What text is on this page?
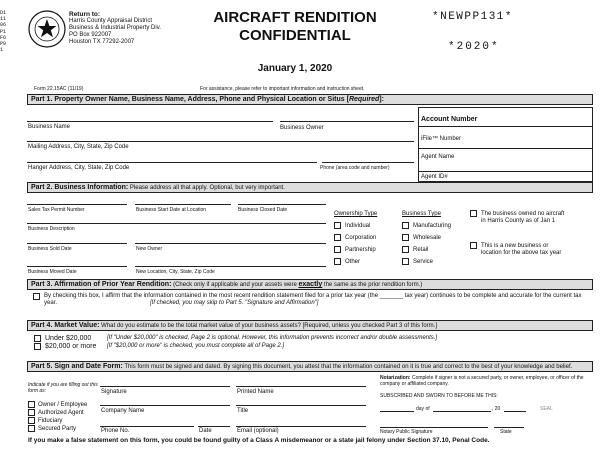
D11106P1F6P91
Return to:
Harris County Appraisal District
Business & Industrial Property Div.
PO Box 922007
Houston TX 77292-2007
AIRCRAFT RENDITION
CONFIDENTIAL
*NEWPP131*
*2020*
January 1, 2020
Form 22.15AC (11/19)	For assistance, please refer to important information and instruction sheet.
Part 1. Property Owner Name, Business Name, Address, Phone and Physical Location or Situs [Required]:
Business Name	Business Owner
Mailing Address, City, State, Zip Code
Hanger Address, City, State, Zip Code	Phone (area code and number)
Account Number
iFile™ Number
Agent Name
Agent ID#
Part 2. Business Information: Please address all that apply. Optional, but very important.
Sales Tax Permit Number	Business Start Date at Location	Business Closed Date
Business Description
Business Sold Date	New Owner
Business Moved Date	New Location, City, State, Zip Code
Ownership Type
Individual
Corporation
Partnership
Other
Business Type
Manufacturing
Wholesale
Retail
Service
The business owned no aircraft in Harris County as of Jan 1
This is a new business or location for the above tax year
Part 3. Affirmation of Prior Year Rendition: (Check only if applicable and your assets were exactly the same as the prior rendition form.)
By checking this box, I affirm that the information contained in the most recent rendition statement filed for a prior tax year (the _______ tax year) continues to be complete and accurate for the current tax year.	[If checked, you may skip to Part 5. "Signature and Affirmation"]
Part 4. Market Value: What do you estimate to be the total market value of your business assets? [Required, unless you checked Part 3 of this form.]
Under $20,000
$20,000 or more
[If "Under $20,000" is checked, Page 2 is optional. However, this information prevents incorrect and/or double assessments.]
[If "$20,000 or more" is checked, you must complete all of Page 2.]
Part 5. Sign and Date Form: This form must be signed and dated. By signing this document, you attest that the information contained on it is true and correct to the best of your knowledge and belief.
Indicate if you are filling out this form as:
Owner / Employee
Authorized Agent
Fiduciary
Secured Party
Signature	Printed Name
Company Name	Title
Phone No.	Date	Email (optional)
Notarization: Complete if signer is not a secured party, or owner, employee, or officer of the company or affiliated company.
SUBSCRIBED AND SWORN TO BEFORE ME THIS:
day of	, 20	SEAL
Notary Public Signature	State
If you make a false statement on this form, you could be found guilty of a Class A misdemeanor or a state jail felony under Section 37.10, Penal Code.
